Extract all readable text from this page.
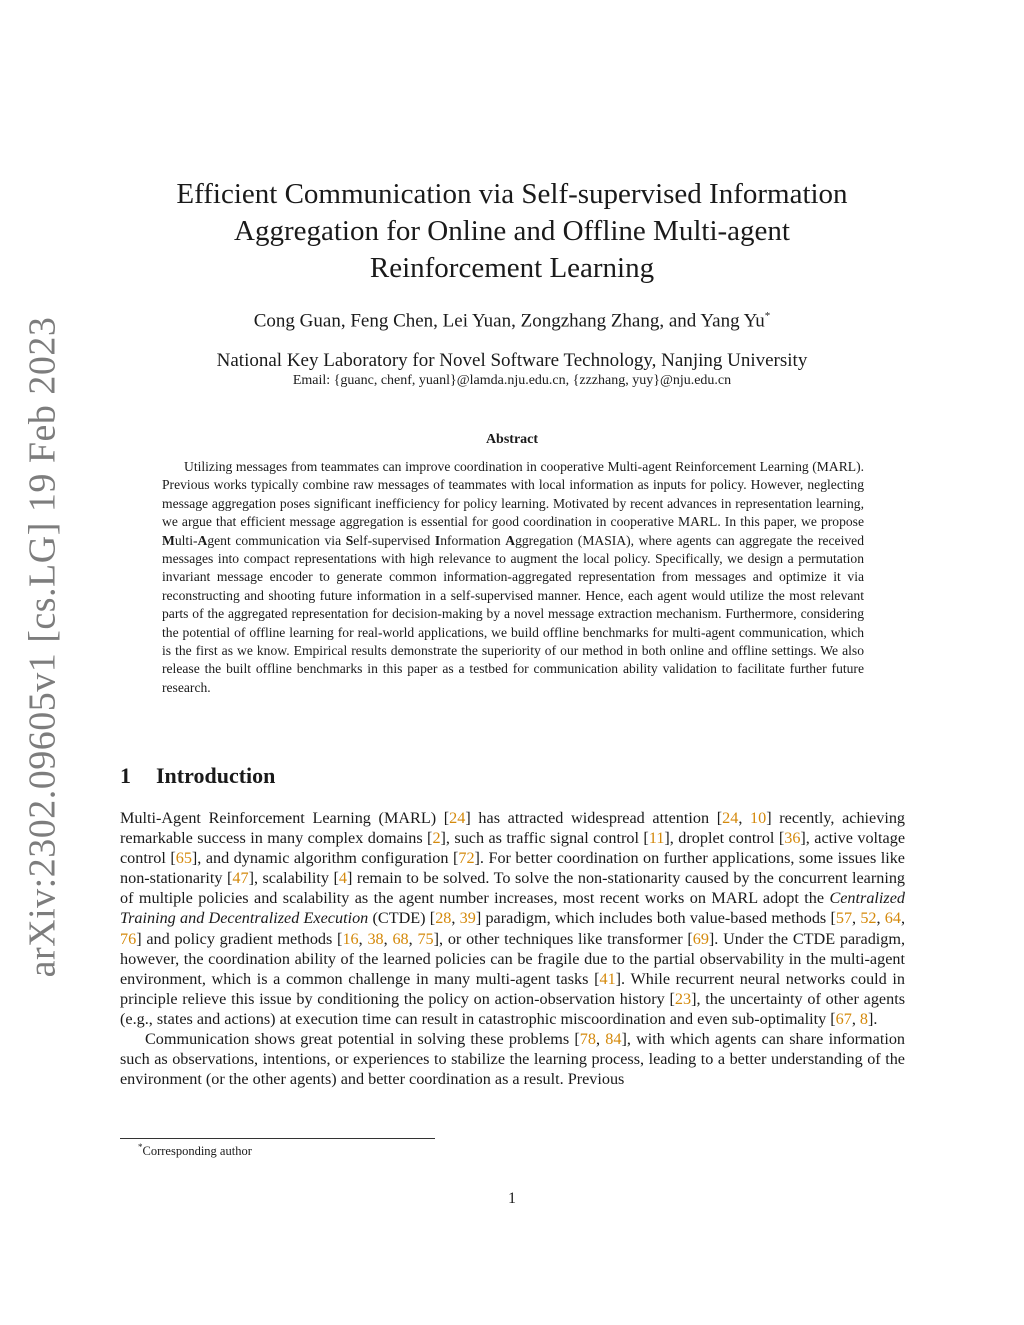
arXiv:2302.09605v1 [cs.LG] 19 Feb 2023
Efficient Communication via Self-supervised Information
Aggregation for Online and Offline Multi-agent
Reinforcement Learning
Cong Guan, Feng Chen, Lei Yuan, Zongzhang Zhang, and Yang Yu*
National Key Laboratory for Novel Software Technology, Nanjing University
Email: {guanc, chenf, yuanl}@lamda.nju.edu.cn, {zzzhang, yuy}@nju.edu.cn
Abstract

Utilizing messages from teammates can improve coordination in cooperative Multi-agent Reinforcement Learning (MARL). Previous works typically combine raw messages of teammates with local information as inputs for policy. However, neglecting message aggregation poses significant inefficiency for policy learning. Motivated by recent advances in representation learning, we argue that efficient message aggregation is essential for good coordination in cooperative MARL. In this paper, we propose Multi-Agent communication via Self-supervised Information Aggregation (MASIA), where agents can aggregate the received messages into compact representations with high relevance to augment the local policy. Specifically, we design a permutation invariant message encoder to generate common information-aggregated representation from messages and optimize it via reconstructing and shooting future information in a self-supervised manner. Hence, each agent would utilize the most relevant parts of the aggregated representation for decision-making by a novel message extraction mechanism. Furthermore, considering the potential of offline learning for real-world applications, we build offline benchmarks for multi-agent communication, which is the first as we know. Empirical results demonstrate the superiority of our method in both online and offline settings. We also release the built offline benchmarks in this paper as a testbed for communication ability validation to facilitate further future research.

1 Introduction

Multi-Agent Reinforcement Learning (MARL) [24] has attracted widespread attention [24, 10] recently, achieving remarkable success in many complex domains [2], such as traffic signal control [11], droplet control [36], active voltage control [65], and dynamic algorithm configuration [72]. For better coordination on further applications, some issues like non-stationarity [47], scalability [4] remain to be solved. To solve the non-stationarity caused by the concurrent learning of multiple policies and scalability as the agent number increases, most recent works on MARL adopt the Centralized Training and Decentralized Execution (CTDE) [28, 39] paradigm, which includes both value-based methods [57, 52, 64, 76] and policy gradient methods [16, 38, 68, 75], or other techniques like transformer [69]. Under the CTDE paradigm, however, the coordination ability of the learned policies can be fragile due to the partial observability in the multi-agent environment, which is a common challenge in many multi-agent tasks [41]. While recurrent neural networks could in principle relieve this issue by conditioning the policy on action-observation history [23], the uncertainty of other agents (e.g., states and actions) at execution time can result in catastrophic miscoordination and even sub-optimality [67, 8].

Communication shows great potential in solving these problems [78, 84], with which agents can share information such as observations, intentions, or experiences to stabilize the learning process, leading to a better understanding of the environment (or the other agents) and better coordination as a result. Previous

*Corresponding author
1
